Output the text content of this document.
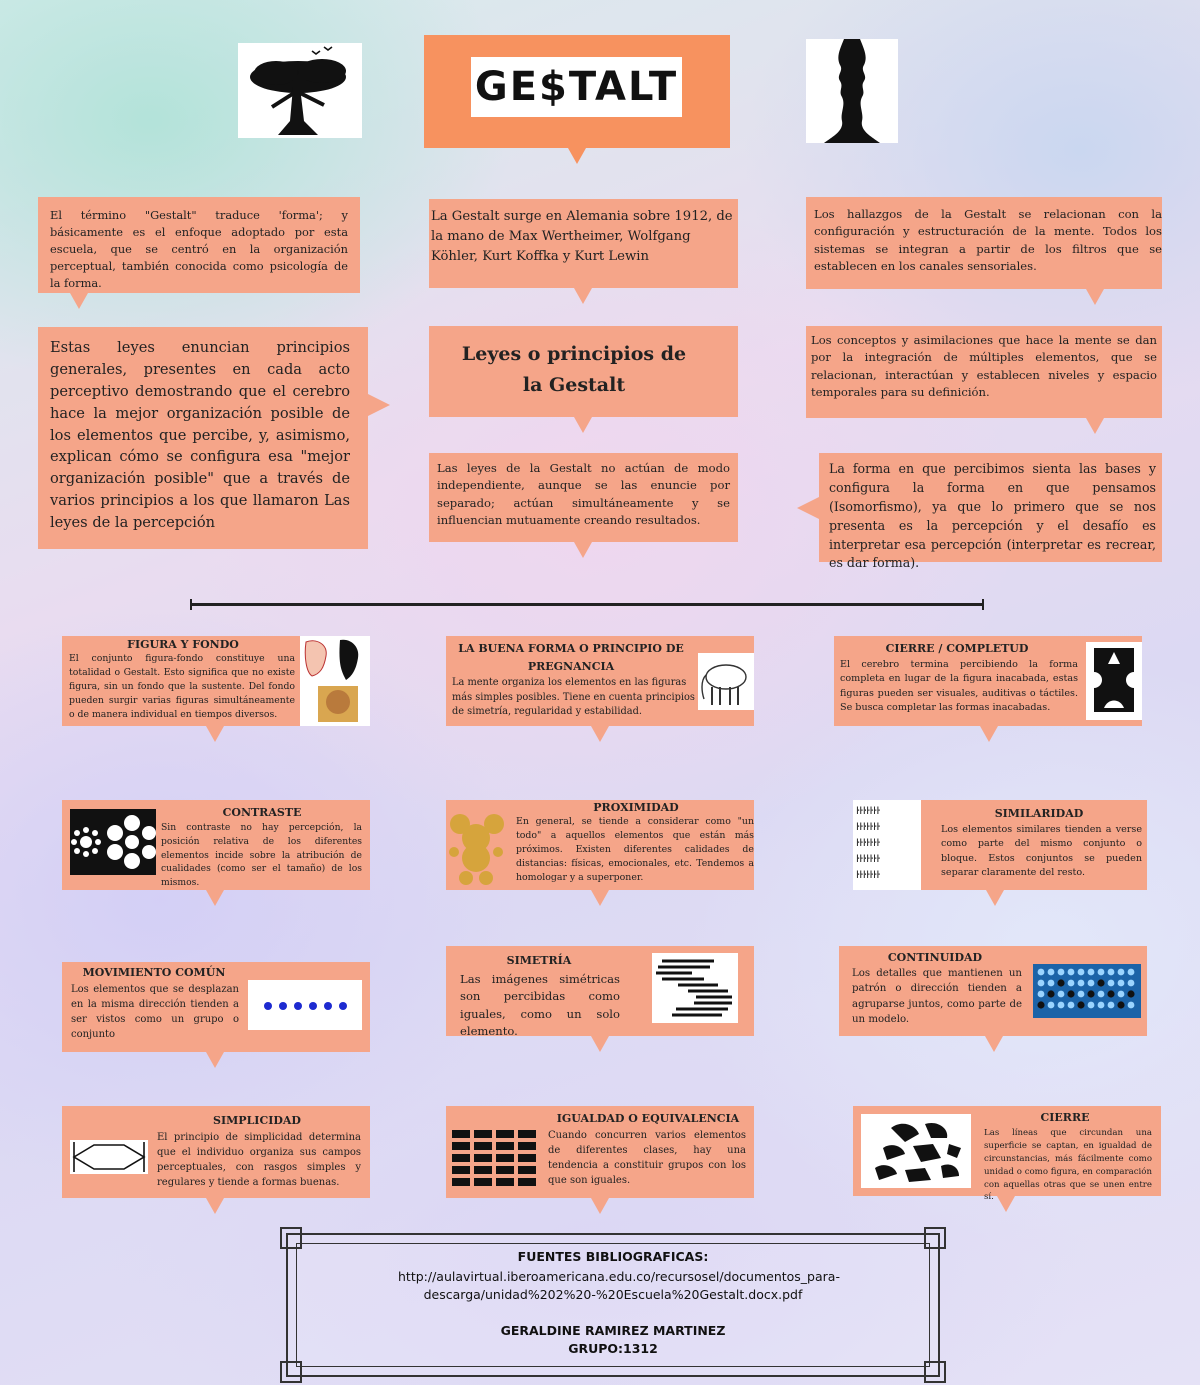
GE$TALT

El término "Gestalt" traduce 'forma'; y básicamente es el enfoque adoptado por esta escuela, que se centró en la organización perceptual, también conocida como psicología de la forma.

La Gestalt surge en Alemania sobre 1912, de la mano de Max Wertheimer, Wolfgang Köhler, Kurt Koffka y Kurt Lewin

Los hallazgos de la Gestalt se relacionan con la configuración y estructuración de la mente. Todos los sistemas se integran a partir de los filtros que se establecen en los canales sensoriales.

Estas leyes enuncian principios generales, presentes en cada acto perceptivo demostrando que el cerebro hace la mejor organización posible de los elementos que percibe, y, asimismo, explican cómo se configura esa "mejor organización posible" que a través de varios principios a los que llamaron Las leyes de la percepción

Leyes o principios de la Gestalt

Los conceptos y asimilaciones que hace la mente se dan por la integración de múltiples elementos, que se relacionan, interactúan y establecen niveles y espacio temporales para su definición.

Las leyes de la Gestalt no actúan de modo independiente, aunque se las enuncie por separado; actúan simultáneamente y se influencian mutuamente creando resultados.

La forma en que percibimos sienta las bases y configura la forma en que pensamos (Isomorfismo), ya que lo primero que se nos presenta es la percepción y el desafío es interpretar esa percepción (interpretar es recrear, es dar forma).

FIGURA Y FONDO

El conjunto figura-fondo constituye una totalidad o Gestalt. Esto significa que no existe figura, sin un fondo que la sustente. Del fondo pueden surgir varias figuras simultáneamente o de manera individual en tiempos diversos.

LA BUENA FORMA O PRINCIPIO DE PREGNANCIA

La mente organiza los elementos en las figuras más simples posibles. Tiene en cuenta principios de simetría, regularidad y estabilidad.

CIERRE / COMPLETUD

El cerebro termina percibiendo la forma completa en lugar de la figura inacabada, estas figuras pueden ser visuales, auditivas o táctiles. Se busca completar las formas inacabadas.

CONTRASTE

Sin contraste no hay percepción, la posición relativa de los diferentes elementos incide sobre la atribución de cualidades (como ser el tamaño) de los mismos.

PROXIMIDAD

En general, se tiende a considerar como "un todo" a aquellos elementos que están más próximos. Existen diferentes calidades de distancias: físicas, emocionales, etc. Tendemos a homologar y a superponer.

ŀŀŀŀŀŀŀ
ŀŀŀŀŀŀŀ
ŀŀŀŀŀŀŀ
ŀŀŀŀŀŀŀ
ŀŀŀŀŀŀŀ
SIMILARIDAD

Los elementos similares tienden a verse como parte del mismo conjunto o bloque. Estos conjuntos se pueden separar claramente del resto.

MOVIMIENTO COMÚN

Los elementos que se desplazan en la misma dirección tienden a ser vistos como un grupo o conjunto

SIMETRÍA

Las imágenes simétricas son percibidas como iguales, como un solo elemento.

CONTINUIDAD

Los detalles que mantienen un patrón o dirección tienden a agruparse juntos, como parte de un modelo.

SIMPLICIDAD

El principio de simplicidad determina que el individuo organiza sus campos perceptuales, con rasgos simples y regulares y tiende a formas buenas.

IGUALDAD O EQUIVALENCIA

Cuando concurren varios elementos de diferentes clases, hay una tendencia a constituir grupos con los que son iguales.

CIERRE

Las líneas que circundan una superficie se captan, en igualdad de circunstancias, más fácilmente como unidad o como figura, en comparación con aquellas otras que se unen entre sí.

FUENTES BIBLIOGRAFICAS:

http://aulavirtual.iberoamericana.edu.co/recursosel/documentos_para-descarga/unidad%202%20-%20Escuela%20Gestalt.docx.pdf

GERALDINE RAMIREZ MARTINEZ

GRUPO:1312
